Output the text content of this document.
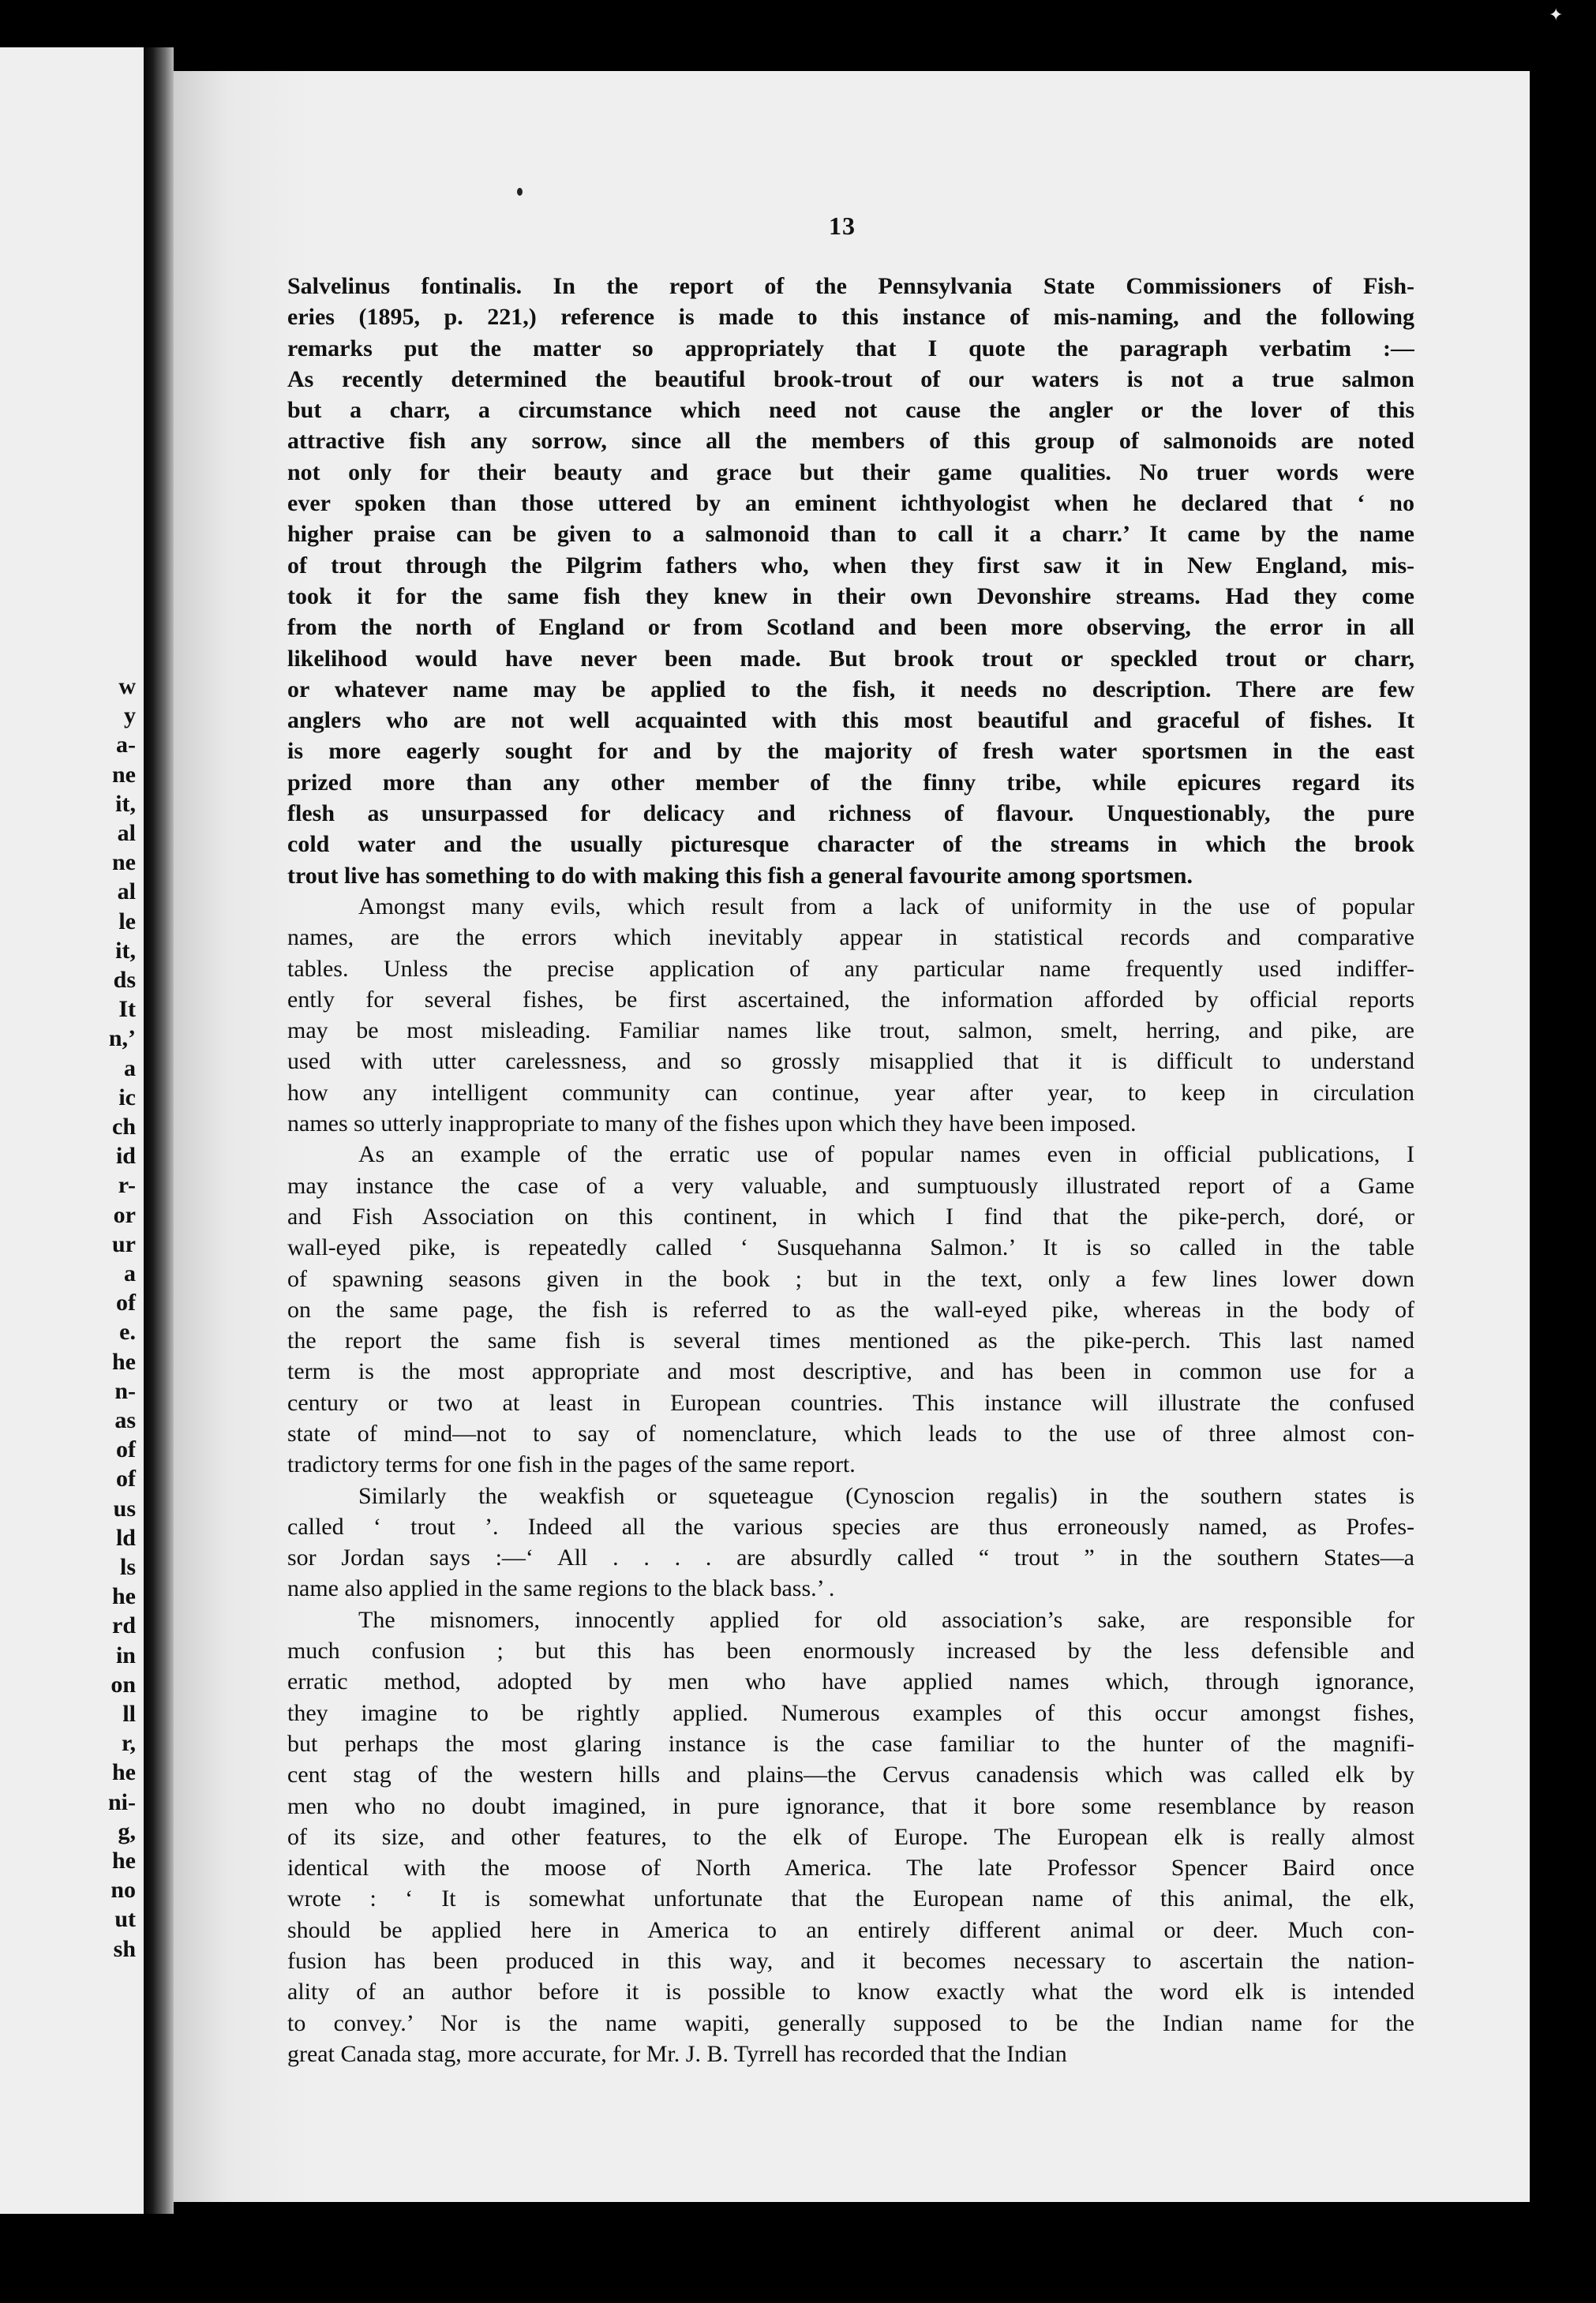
✦
w
y
a-
ne
it,
al
ne
al
le
it,
ds
It
n,’
a
ic
ch
id
r-
or
ur
a
of
e.
he
n-
as
of
of
us
ld
ls
he
rd
in
on
ll
r,
he
ni-
g,
he
no
ut
sh
13
Salvelinus fontinalis. In the report of the Pennsylvania State Commissioners of Fish-
eries (1895, p. 221,) reference is made to this instance of mis-naming, and the following
remarks put the matter so appropriately that I quote the paragraph verbatim :—
As recently determined the beautiful brook-trout of our waters is not a true salmon
but a charr, a circumstance which need not cause the angler or the lover of this
attractive fish any sorrow, since all the members of this group of salmonoids are noted
not only for their beauty and grace but their game qualities. No truer words were
ever spoken than those uttered by an eminent ichthyologist when he declared that ‘ no
higher praise can be given to a salmonoid than to call it a charr.’ It came by the name
of trout through the Pilgrim fathers who, when they first saw it in New England, mis-
took it for the same fish they knew in their own Devonshire streams. Had they come
from the north of England or from Scotland and been more observing, the error in all
likelihood would have never been made. But brook trout or speckled trout or charr,
or whatever name may be applied to the fish, it needs no description. There are few
anglers who are not well acquainted with this most beautiful and graceful of fishes. It
is more eagerly sought for and by the majority of fresh water sportsmen in the east
prized more than any other member of the finny tribe, while epicures regard its
flesh as unsurpassed for delicacy and richness of flavour. Unquestionably, the pure
cold water and the usually picturesque character of the streams in which the brook
trout live has something to do with making this fish a general favourite among sportsmen.
Amongst many evils, which result from a lack of uniformity in the use of popular
names, are the errors which inevitably appear in statistical records and comparative
tables. Unless the precise application of any particular name frequently used indiffer-
ently for several fishes, be first ascertained, the information afforded by official reports
may be most misleading. Familiar names like trout, salmon, smelt, herring, and pike, are
used with utter carelessness, and so grossly misapplied that it is difficult to understand
how any intelligent community can continue, year after year, to keep in circulation
names so utterly inappropriate to many of the fishes upon which they have been imposed.
As an example of the erratic use of popular names even in official publications, I
may instance the case of a very valuable, and sumptuously illustrated report of a Game
and Fish Association on this continent, in which I find that the pike-perch, doré, or
wall-eyed pike, is repeatedly called ‘ Susquehanna Salmon.’ It is so called in the table
of spawning seasons given in the book ; but in the text, only a few lines lower down
on the same page, the fish is referred to as the wall-eyed pike, whereas in the body of
the report the same fish is several times mentioned as the pike-perch. This last named
term is the most appropriate and most descriptive, and has been in common use for a
century or two at least in European countries. This instance will illustrate the confused
state of mind—not to say of nomenclature, which leads to the use of three almost con-
tradictory terms for one fish in the pages of the same report.
Similarly the weakfish or squeteague (Cynoscion regalis) in the southern states is
called ‘ trout ’. Indeed all the various species are thus erroneously named, as Profes-
sor Jordan says :—‘ All . . . . are absurdly called “ trout ” in the southern States—a
name also applied in the same regions to the black bass.’ .
The misnomers, innocently applied for old association’s sake, are responsible for
much confusion ; but this has been enormously increased by the less defensible and
erratic method, adopted by men who have applied names which, through ignorance,
they imagine to be rightly applied. Numerous examples of this occur amongst fishes,
but perhaps the most glaring instance is the case familiar to the hunter of the magnifi-
cent stag of the western hills and plains—the Cervus canadensis which was called elk by
men who no doubt imagined, in pure ignorance, that it bore some resemblance by reason
of its size, and other features, to the elk of Europe. The European elk is really almost
identical with the moose of North America. The late Professor Spencer Baird once
wrote : ‘ It is somewhat unfortunate that the European name of this animal, the elk,
should be applied here in America to an entirely different animal or deer. Much con-
fusion has been produced in this way, and it becomes necessary to ascertain the nation-
ality of an author before it is possible to know exactly what the word elk is intended
to convey.’ Nor is the name wapiti, generally supposed to be the Indian name for the
great Canada stag, more accurate, for Mr. J. B. Tyrrell has recorded that the Indian
